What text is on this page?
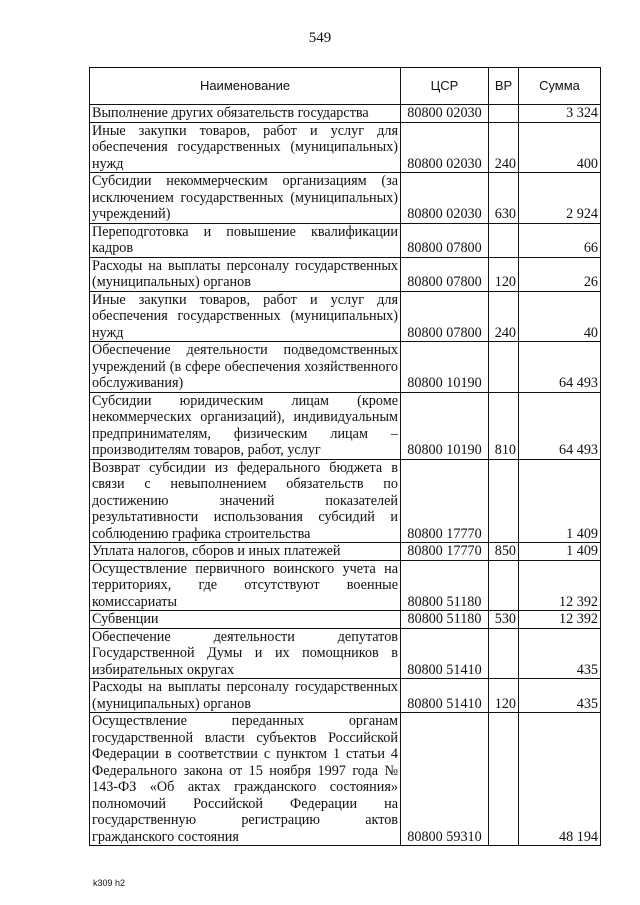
549
Наименование	ЦСР	ВР	Сумма
Выполнение других обязательств государства	80800 02030		3 324
Иные закупки товаров, работ и услуг для обеспечения государственных (муниципальных) нужд	80800 02030	240	400
Субсидии некоммерческим организациям (за исключением государственных (муниципальных) учреждений)	80800 02030	630	2 924
Переподготовка и повышение квалификации кадров	80800 07800		66
Расходы на выплаты персоналу государственных (муниципальных) органов	80800 07800	120	26
Иные закупки товаров, работ и услуг для обеспечения государственных (муниципальных) нужд	80800 07800	240	40
Обеспечение деятельности подведомственных учреждений (в сфере обеспечения хозяйственного обслуживания)	80800 10190		64 493
Субсидии юридическим лицам (кроме некоммерческих организаций), индивидуальным предпринимателям, физическим лицам – производителям товаров, работ, услуг	80800 10190	810	64 493
Возврат субсидии из федерального бюджета в связи с невыполнением обязательств по достижению значений показателей результативности использования субсидий и соблюдению графика строительства	80800 17770		1 409
Уплата налогов, сборов и иных платежей	80800 17770	850	1 409
Осуществление первичного воинского учета на территориях, где отсутствуют военные комиссариаты	80800 51180		12 392
Субвенции	80800 51180	530	12 392
Обеспечение деятельности депутатов Государственной Думы и их помощников в избирательных округах	80800 51410		435
Расходы на выплаты персоналу государственных (муниципальных) органов	80800 51410	120	435
Осуществление переданных органам государственной власти субъектов Российской Федерации в соответствии с пунктом 1 статьи 4 Федерального закона от 15 ноября 1997 года № 143-ФЗ «Об актах гражданского состояния» полномочий Российской Федерации на государственную регистрацию актов гражданского состояния	80800 59310		48 194
k309 h2
